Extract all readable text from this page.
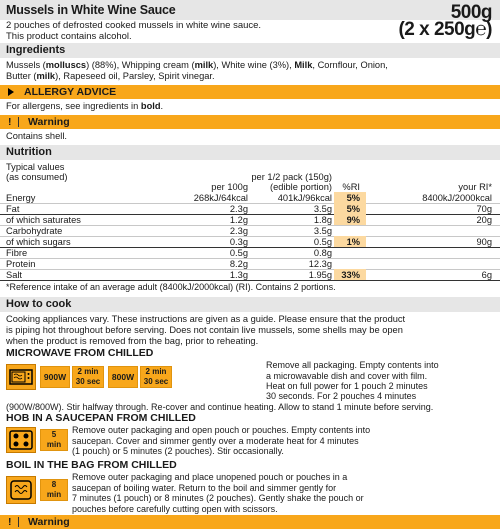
Mussels in White Wine Sauce	500g
2 pouches of defrosted cooked mussels in white wine sauce.
This product contains alcohol.	(2 x 250g℮)
Ingredients
Mussels (molluscs) (88%), Whipping cream (milk), White wine (3%), Milk, Cornflour, Onion,
Butter (milk), Rapeseed oil, Parsley, Spirit vinegar.
ALLERGY ADVICE
For allergens, see ingredients in bold.
! Warning
Contains shell.
Nutrition
Typical values
(as consumed)	per 1/2 pack (150g)
(edible portion)
per 100g	%RI	your RI*
Energy	268kJ/64kcal	401kJ/96kcal 5%	8400kJ/2000kcal
Fat	2.3g	3.5g 5%	70g
of which saturates	1.2g	1.8g 9%	20g
Carbohydrate	2.3g	3.5g
of which sugars	0.3g	0.5g 1%	90g
Fibre	0.5g	0.8g
Protein	8.2g	12.3g
Salt	1.3g	1.95g 33%	6g
*Reference intake of an average adult (8400kJ/2000kcal) (RI). Contains 2 portions.
How to cook
Cooking appliances vary. These instructions are given as a guide. Please ensure that the product
is piping hot throughout before serving. Does not contain live mussels, some shells may be open
when the product is removed from the bag, prior to reheating.
MICROWAVE FROM CHILLED
900W
2 min
30 sec	800W
2 min
30 sec
Remove all packaging. Empty contents into
a microwavable dish and cover with film.
Heat on full power for 1 pouch 2 minutes
30 seconds. For 2 pouches 4 minutes
(900W/800W). Stir halfway through. Re-cover and continue heating. Allow to stand 1 minute before serving.
HOB IN A SAUCEPAN FROM CHILLED
5
min
Remove outer packaging and open pouch or pouches. Empty contents into
saucepan. Cover and simmer gently over a moderate heat for 4 minutes
(1 pouch) or 5 minutes (2 pouches). Stir occasionally.
BOIL IN THE BAG FROM CHILLED
8
min
Remove outer packaging and place unopened pouch or pouches in a
saucepan of boiling water. Return to the boil and simmer gently for
7 minutes (1 pouch) or 8 minutes (2 pouches). Gently shake the pouch or
pouches before carefully cutting open with scissors.
! Warning
